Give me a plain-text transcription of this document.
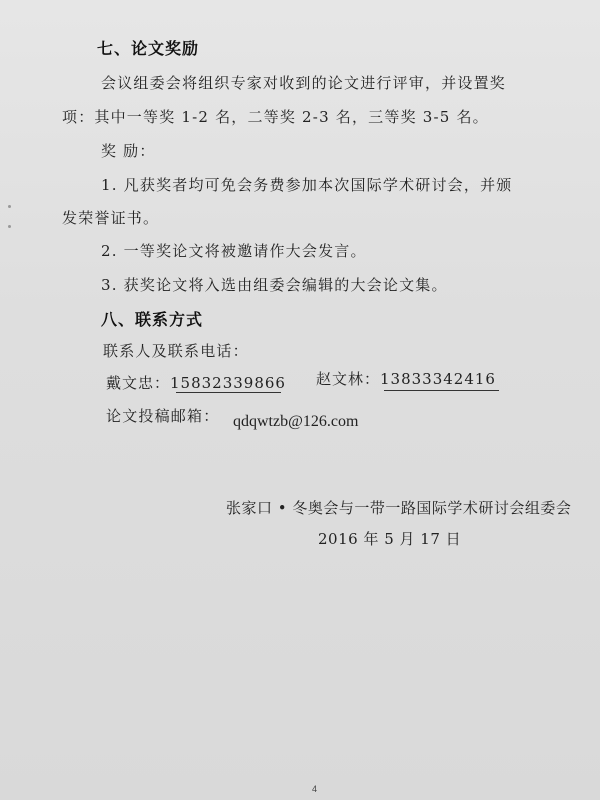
七、论文奖励
会议组委会将组织专家对收到的论文进行评审，并设置奖
项：其中一等奖 1-2 名，二等奖 2-3 名，三等奖 3-5 名。
奖 励：
1. 凡获奖者均可免会务费参加本次国际学术研讨会，并颁
发荣誉证书。
2. 一等奖论文将被邀请作大会发言。
3. 获奖论文将入选由组委会编辑的大会论文集。
八、联系方式
联系人及联系电话：
戴文忠：15832339866 赵文林：13833342416
论文投稿邮箱： qdqwtzb@126.com
张家口 • 冬奥会与一带一路国际学术研讨会组委会
2016 年 5 月 17 日
4
